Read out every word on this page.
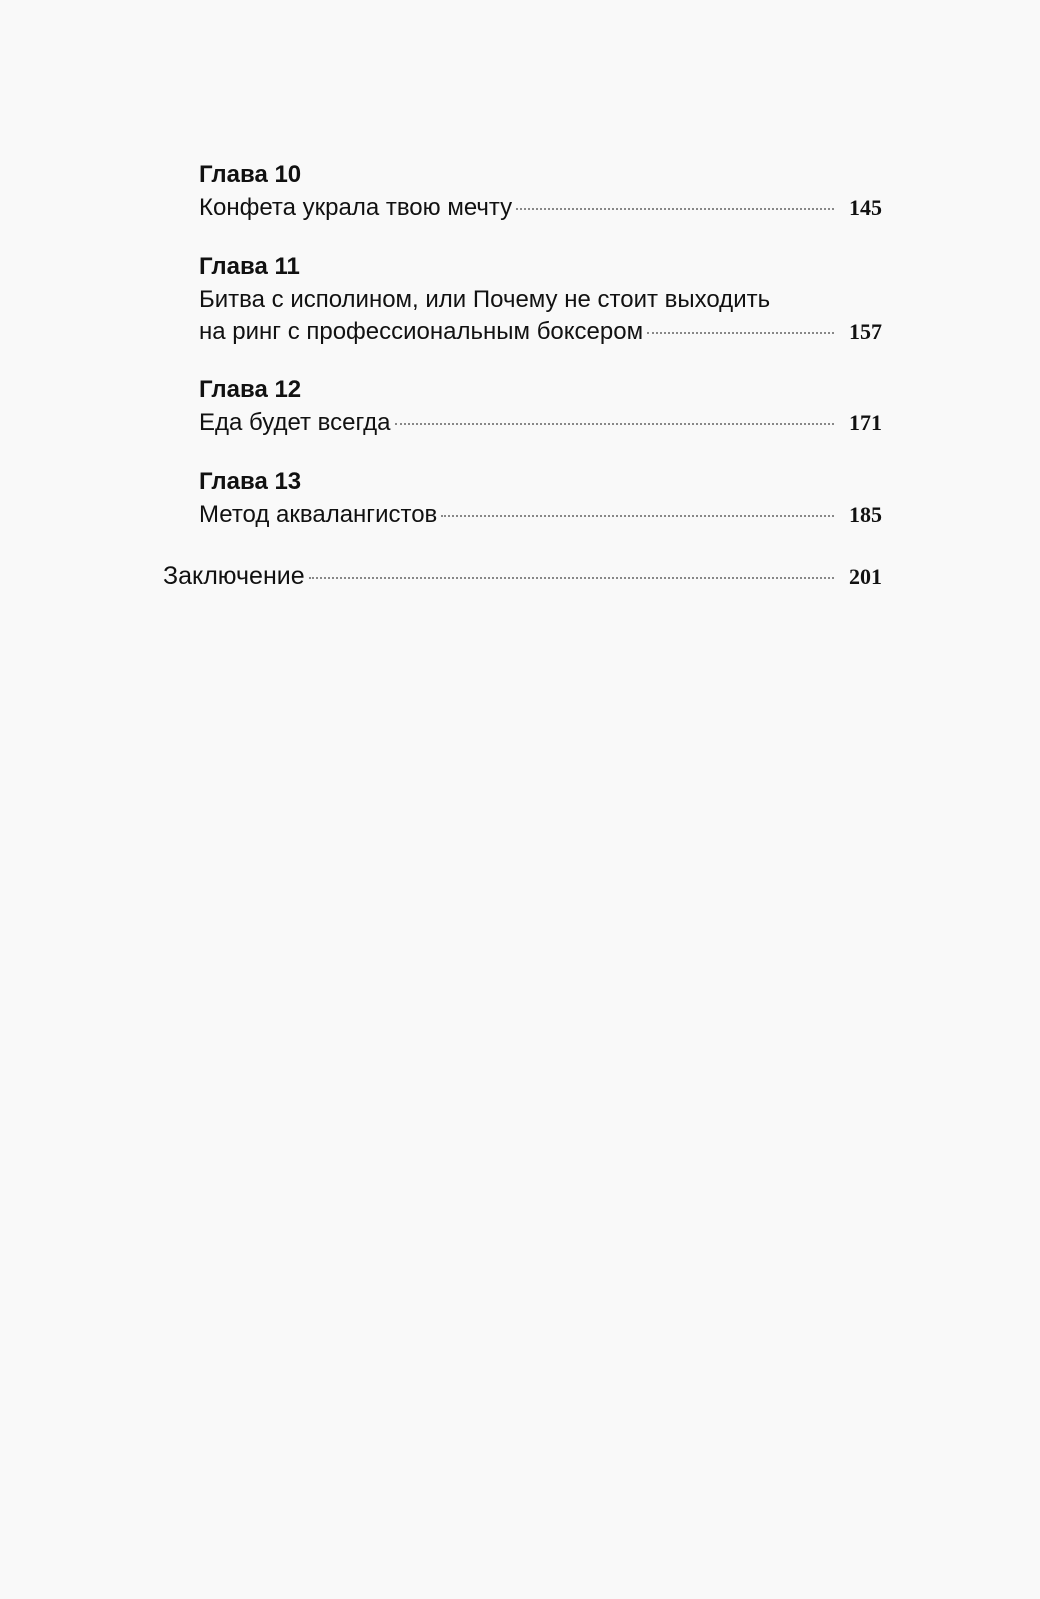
Глава 10
Конфета украла твою мечту	145
Глава 11
Битва с исполином, или Почему не стоит выходить
на ринг с профессиональным боксером	157
Глава 12
Еда будет всегда	171
Глава 13
Метод аквалангистов	185
Заключение	201
